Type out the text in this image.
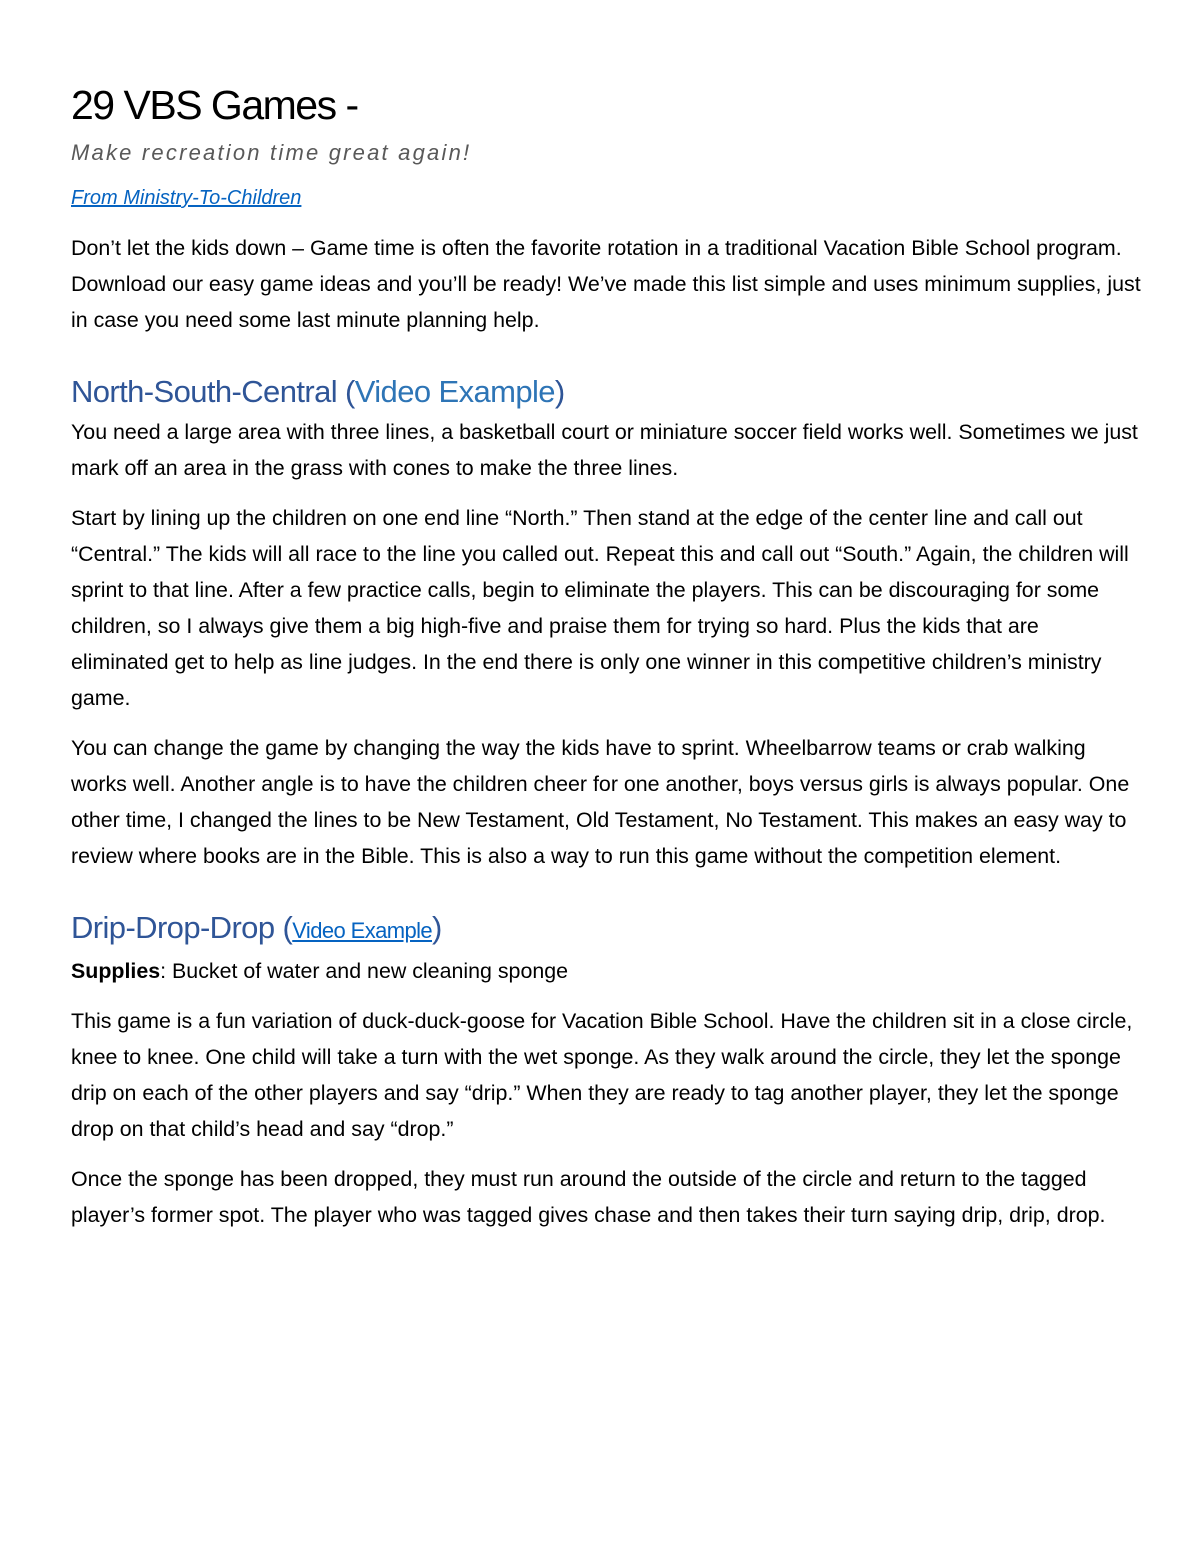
29 VBS Games -
Make recreation time great again!
From Ministry-To-Children

Don’t let the kids down – Game time is often the favorite rotation in a traditional Vacation Bible School program. Download our easy game ideas and you’ll be ready! We’ve made this list simple and uses minimum supplies, just in case you need some last minute planning help.

North-South-Central (Video Example)

You need a large area with three lines, a basketball court or miniature soccer field works well. Sometimes we just mark off an area in the grass with cones to make the three lines.

Start by lining up the children on one end line “North.” Then stand at the edge of the center line and call out “Central.” The kids will all race to the line you called out. Repeat this and call out “South.” Again, the children will sprint to that line. After a few practice calls, begin to eliminate the players. This can be discouraging for some children, so I always give them a big high-five and praise them for trying so hard. Plus the kids that are eliminated get to help as line judges. In the end there is only one winner in this competitive children’s ministry game.

You can change the game by changing the way the kids have to sprint. Wheelbarrow teams or crab walking works well. Another angle is to have the children cheer for one another, boys versus girls is always popular. One other time, I changed the lines to be New Testament, Old Testament, No Testament. This makes an easy way to review where books are in the Bible. This is also a way to run this game without the competition element.

Drip-Drop-Drop (Video Example)

Supplies: Bucket of water and new cleaning sponge

This game is a fun variation of duck-duck-goose for Vacation Bible School. Have the children sit in a close circle, knee to knee. One child will take a turn with the wet sponge. As they walk around the circle, they let the sponge drip on each of the other players and say “drip.” When they are ready to tag another player, they let the sponge drop on that child’s head and say “drop.”

Once the sponge has been dropped, they must run around the outside of the circle and return to the tagged player’s former spot. The player who was tagged gives chase and then takes their turn saying drip, drip, drop.
